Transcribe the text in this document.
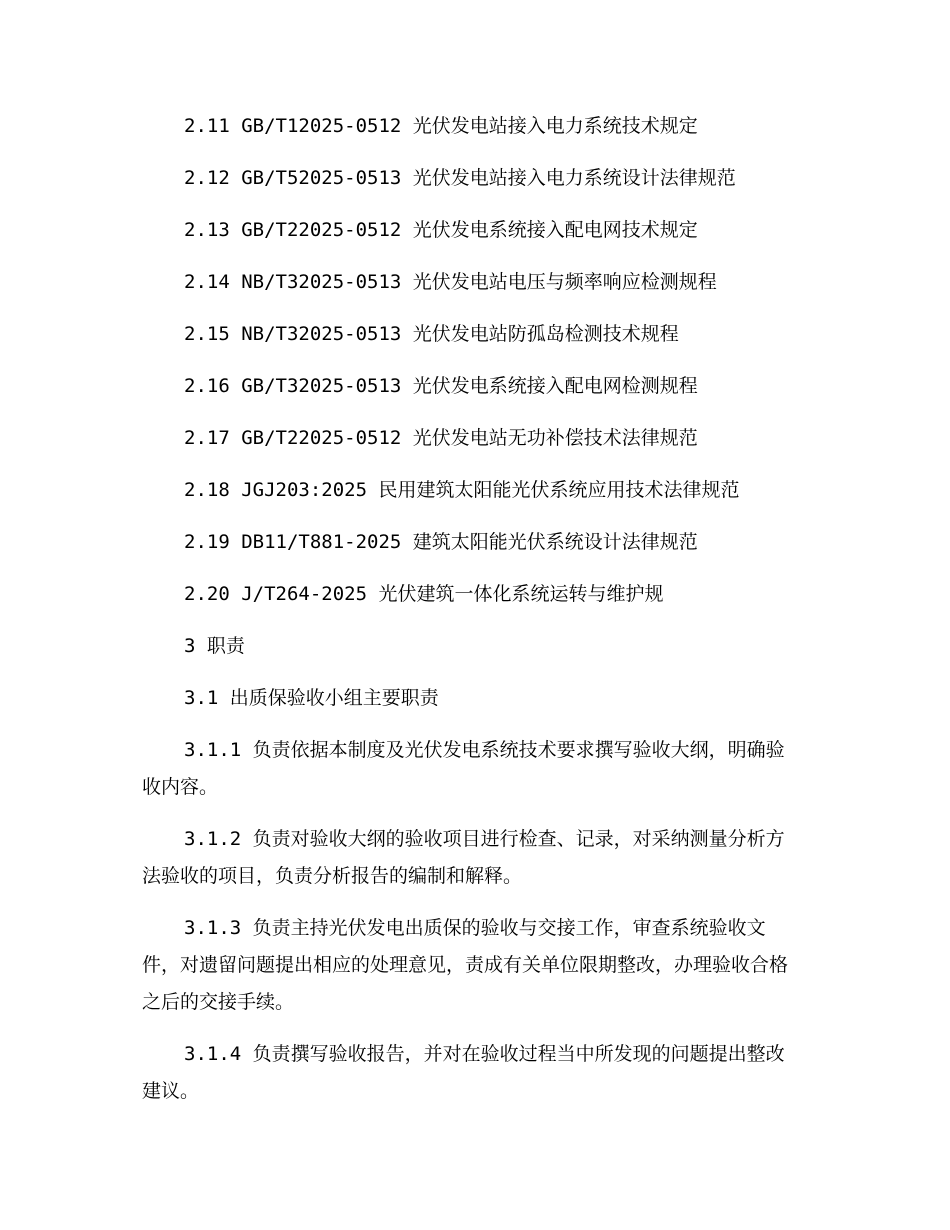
2.11 GB/T12025-0512 光伏发电站接入电力系统技术规定

2.12 GB/T52025-0513 光伏发电站接入电力系统设计法律规范

2.13 GB/T22025-0512 光伏发电系统接入配电网技术规定

2.14 NB/T32025-0513 光伏发电站电压与频率响应检测规程

2.15 NB/T32025-0513 光伏发电站防孤岛检测技术规程

2.16 GB/T32025-0513 光伏发电系统接入配电网检测规程

2.17 GB/T22025-0512 光伏发电站无功补偿技术法律规范

2.18 JGJ203:2025 民用建筑太阳能光伏系统应用技术法律规范

2.19 DB11/T881-2025 建筑太阳能光伏系统设计法律规范

2.20 J/T264-2025 光伏建筑一体化系统运转与维护规

3 职责

3.1 出质保验收小组主要职责

3.1.1 负责依据本制度及光伏发电系统技术要求撰写验收大纲，明确验收内容。

3.1.2 负责对验收大纲的验收项目进行检查、记录，对采纳测量分析方法验收的项目，负责分析报告的编制和解释。

3.1.3 负责主持光伏发电出质保的验收与交接工作，审查系统验收文件，对遗留问题提出相应的处理意见，责成有关单位限期整改，办理验收合格之后的交接手续。

3.1.4 负责撰写验收报告，并对在验收过程当中所发现的问题提出整改建议。
